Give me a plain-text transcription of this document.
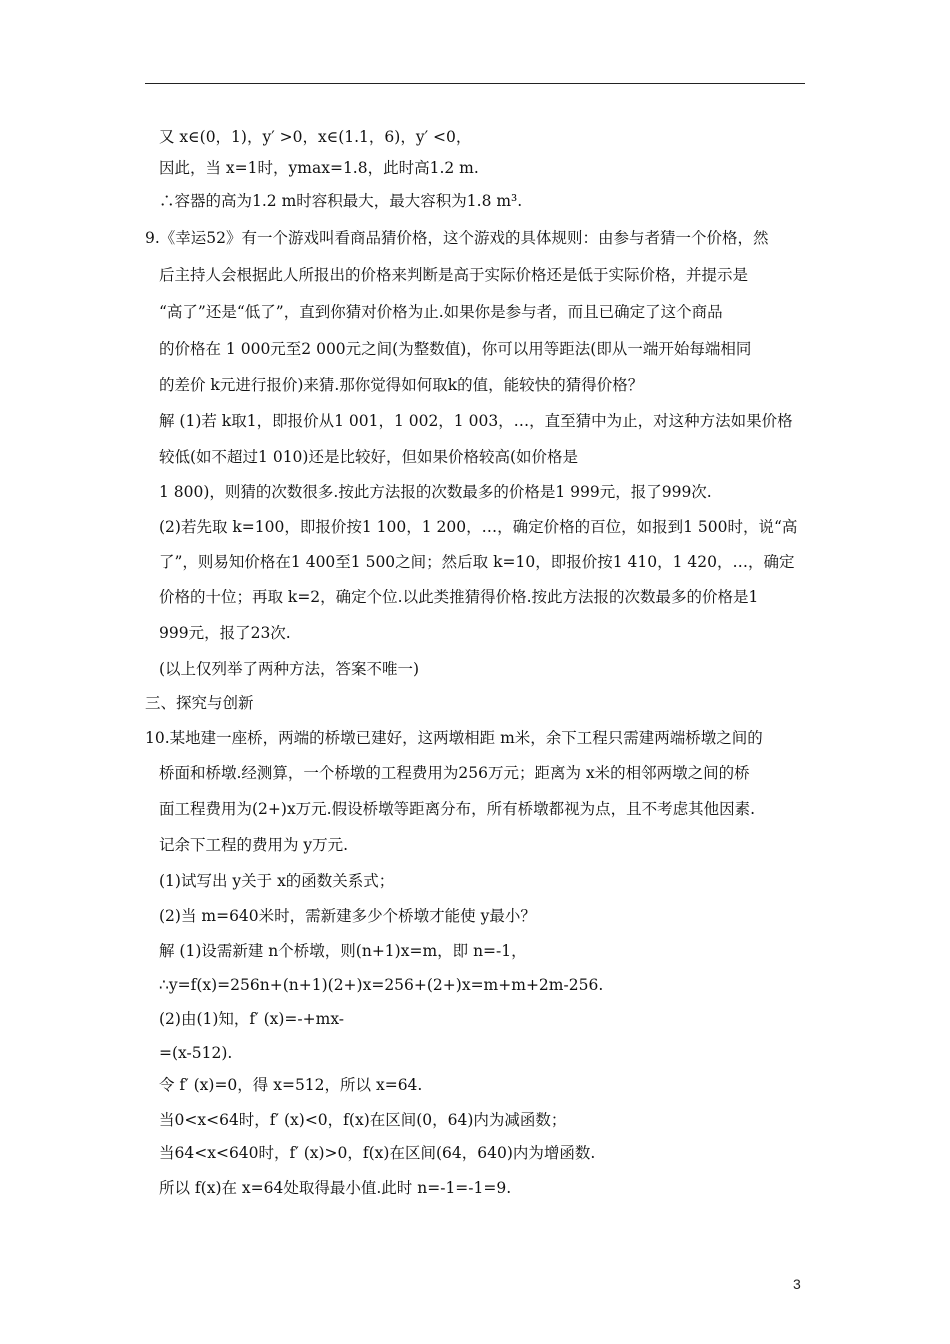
又 x∈(0，1)，y′ >0，x∈(1.1，6)，y′ <0，
因此，当 x=1时，ymax=1.8，此时高1.2 m.
∴容器的高为1.2 m时容积最大，最大容积为1.8 m³.
9.《幸运52》有一个游戏叫看商品猜价格，这个游戏的具体规则：由参与者猜一个价格，然
后主持人会根据此人所报出的价格来判断是高于实际价格还是低于实际价格，并提示是
“高了”还是“低了”，直到你猜对价格为止.如果你是参与者，而且已确定了这个商品
的价格在 1 000元至2 000元之间(为整数值)，你可以用等距法(即从一端开始每端相同
的差价 k元进行报价)来猜.那你觉得如何取k的值，能较快的猜得价格？
解 (1)若 k取1，即报价从1 001，1 002，1 003，…，直至猜中为止，对这种方法如果价格
较低(如不超过1 010)还是比较好，但如果价格较高(如价格是
1 800)，则猜的次数很多.按此方法报的次数最多的价格是1 999元，报了999次.
(2)若先取 k=100，即报价按1 100，1 200，…，确定价格的百位，如报到1 500时，说“高
了”，则易知价格在1 400至1 500之间；然后取 k=10，即报价按1 410，1 420，…，确定
价格的十位；再取 k=2，确定个位.以此类推猜得价格.按此方法报的次数最多的价格是1
999元，报了23次.
(以上仅列举了两种方法，答案不唯一)
三、探究与创新
10.某地建一座桥，两端的桥墩已建好，这两墩相距 m米，余下工程只需建两端桥墩之间的
桥面和桥墩.经测算，一个桥墩的工程费用为256万元；距离为 x米的相邻两墩之间的桥
面工程费用为(2+)x万元.假设桥墩等距离分布，所有桥墩都视为点，且不考虑其他因素.
记余下工程的费用为 y万元.
(1)试写出 y关于 x的函数关系式；
(2)当 m=640米时，需新建多少个桥墩才能使 y最小？
解 (1)设需新建 n个桥墩，则(n+1)x=m，即 n=-1，
∴y=f(x)=256n+(n+1)(2+)x=256+(2+)x=m+m+2m-256.
(2)由(1)知，f′ (x)=-+mx-
=(x-512).
令 f′ (x)=0，得 x=512，所以 x=64.
当0<x<64时，f′ (x)<0，f(x)在区间(0，64)内为减函数；
当64<x<640时，f′ (x)>0，f(x)在区间(64，640)内为增函数.
所以 f(x)在 x=64处取得最小值.此时 n=-1=-1=9.
3
